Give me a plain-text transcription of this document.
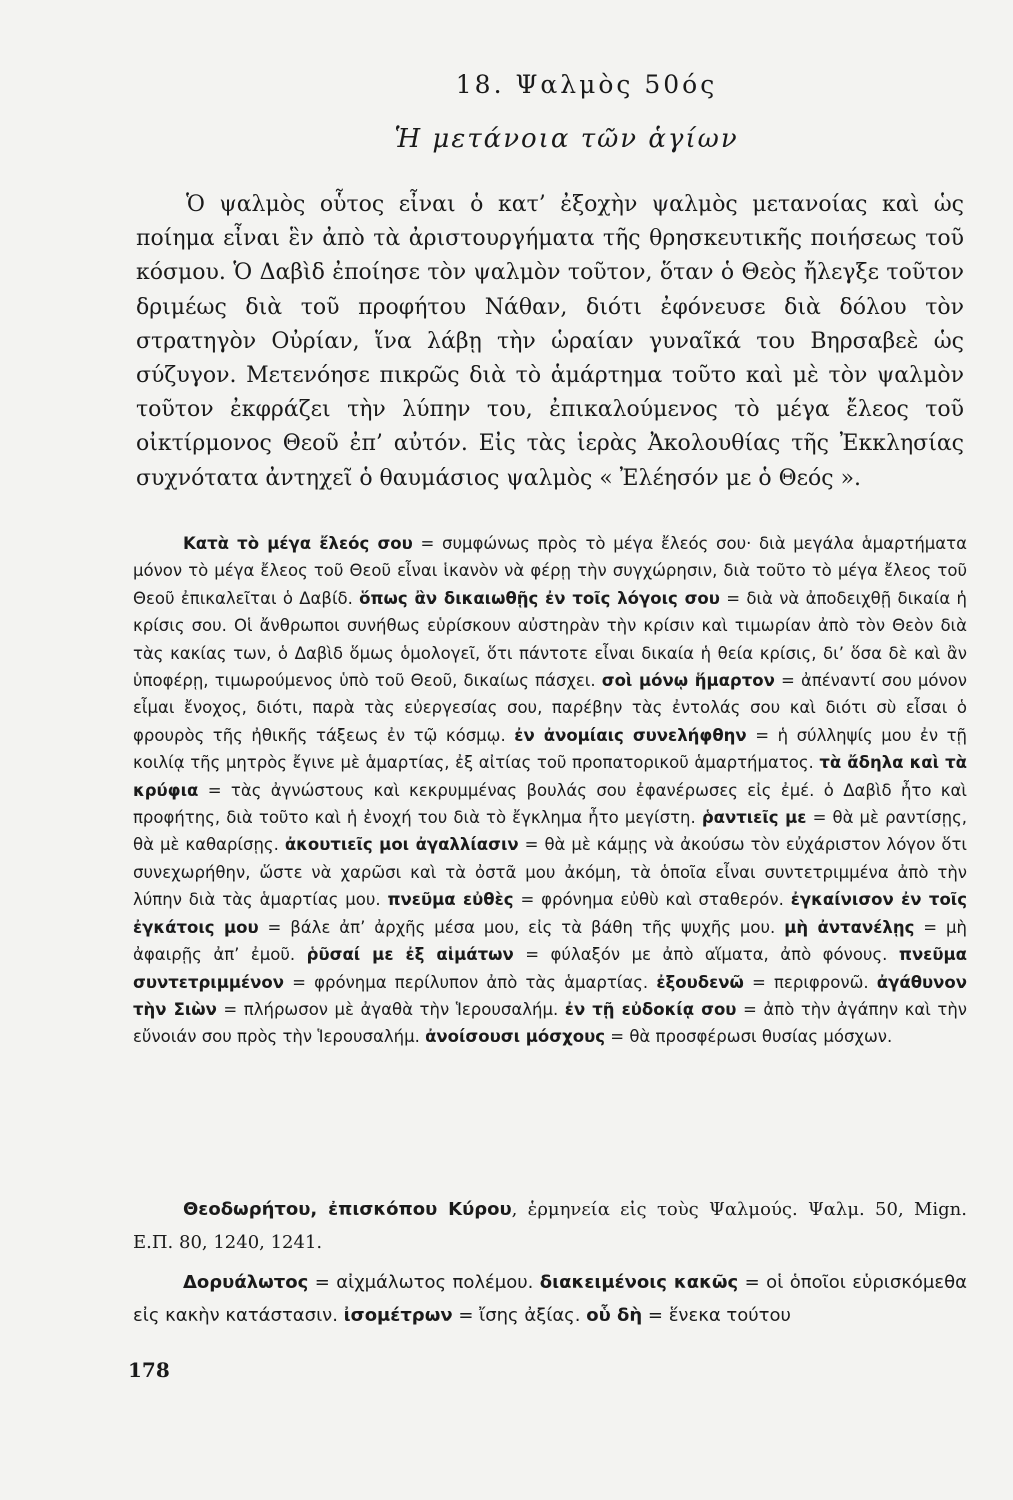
18. Ψαλμὸς 50ός
Ἡ μετάνοια τῶν ἁγίων
Ὁ ψαλμὸς οὗτος εἶναι ὁ κατ’ ἐξοχὴν ψαλμὸς μετανοίας καὶ ὡς ποίημα εἶναι ἓν ἀπὸ τὰ ἀριστουργήματα τῆς θρησκευτικῆς ποιήσεως τοῦ κόσμου. Ὁ Δαβὶδ ἐποίησε τὸν ψαλμὸν τοῦτον, ὅταν ὁ Θεὸς ἤλεγξε τοῦτον δριμέως διὰ τοῦ προφήτου Νάθαν, διότι ἐφόνευσε διὰ δόλου τὸν στρατηγὸν Οὐρίαν, ἵνα λάβῃ τὴν ὡραίαν γυναῖκά του Βηρσαβεὲ ὡς σύζυγον. Μετενόησε πικρῶς διὰ τὸ ἁμάρτημα τοῦτο καὶ μὲ τὸν ψαλμὸν τοῦτον ἐκφράζει τὴν λύπην του, ἐπικαλούμενος τὸ μέγα ἔλεος τοῦ οἰκτίρμονος Θεοῦ ἐπ’ αὐτόν. Εἰς τὰς ἱερὰς Ἀκολουθίας τῆς Ἐκκλησίας συχνότατα ἀντηχεῖ ὁ θαυμάσιος ψαλμὸς « Ἐλέησόν με ὁ Θεός ».
Κατὰ τὸ μέγα ἔλεός σου = συμφώνως πρὸς τὸ μέγα ἔλεός σου· διὰ μεγάλα ἁμαρτήματα μόνον τὸ μέγα ἔλεος τοῦ Θεοῦ εἶναι ἱκανὸν νὰ φέρῃ τὴν συγχώρησιν, διὰ τοῦτο τὸ μέγα ἔλεος τοῦ Θεοῦ ἐπικαλεῖται ὁ Δαβίδ. ὅπως ἂν δικαιωθῇς ἐν τοῖς λόγοις σου = διὰ νὰ ἀποδειχθῇ δικαία ἡ κρίσις σου. Οἱ ἄνθρωποι συνήθως εὑρίσκουν αὐστηρὰν τὴν κρίσιν καὶ τιμωρίαν ἀπὸ τὸν Θεὸν διὰ τὰς κακίας των, ὁ Δαβὶδ ὅμως ὁμολογεῖ, ὅτι πάντοτε εἶναι δικαία ἡ θεία κρίσις, δι’ ὅσα δὲ καὶ ἂν ὑποφέρῃ, τιμωρούμενος ὑπὸ τοῦ Θεοῦ, δικαίως πάσχει. σοὶ μόνῳ ἥμαρτον = ἀπέναντί σου μόνον εἶμαι ἔνοχος, διότι, παρὰ τὰς εὐεργεσίας σου, παρέβην τὰς ἐντολάς σου καὶ διότι σὺ εἶσαι ὁ φρουρὸς τῆς ἠθικῆς τάξεως ἐν τῷ κόσμῳ. ἐν ἀνομίαις συνελήφθην = ἡ σύλληψίς μου ἐν τῇ κοιλίᾳ τῆς μητρὸς ἔγινε μὲ ἁμαρτίας, ἐξ αἰτίας τοῦ προπατορικοῦ ἁμαρτήματος. τὰ ἄδηλα καὶ τὰ κρύφια = τὰς ἀγνώστους καὶ κεκρυμμένας βουλάς σου ἐφανέρωσες εἰς ἐμέ. ὁ Δαβὶδ ἦτο καὶ προφήτης, διὰ τοῦτο καὶ ἡ ἐνοχή του διὰ τὸ ἔγκλημα ἦτο μεγίστη. ῥαντιεῖς με = θὰ μὲ ραντίσῃς, θὰ μὲ καθαρίσῃς. ἀκουτιεῖς μοι ἀγαλλίασιν = θὰ μὲ κάμῃς νὰ ἀκούσω τὸν εὐχάριστον λόγον ὅτι συνεχωρήθην, ὥστε νὰ χαρῶσι καὶ τὰ ὀστᾶ μου ἀκόμη, τὰ ὁποῖα εἶναι συντετριμμένα ἀπὸ τὴν λύπην διὰ τὰς ἁμαρτίας μου. πνεῦμα εὐθὲς = φρόνημα εὐθὺ καὶ σταθερόν. ἐγκαίνισον ἐν τοῖς ἐγκάτοις μου = βάλε ἀπ’ ἀρχῆς μέσα μου, εἰς τὰ βάθη τῆς ψυχῆς μου. μὴ ἀντανέλῃς = μὴ ἀφαιρῇς ἀπ’ ἐμοῦ. ῥῦσαί με ἐξ αἱμάτων = φύλαξόν με ἀπὸ αἵματα, ἀπὸ φόνους. πνεῦμα συντετριμμένον = φρόνημα περίλυπον ἀπὸ τὰς ἁμαρτίας. ἐξουδενῶ = περιφρονῶ. ἀγάθυνον τὴν Σιὼν = πλήρωσον μὲ ἀγαθὰ τὴν Ἱερουσαλήμ. ἐν τῇ εὐδοκίᾳ σου = ἀπὸ τὴν ἀγάπην καὶ τὴν εὔνοιάν σου πρὸς τὴν Ἱερουσαλήμ. ἀνοίσουσι μόσχους = θὰ προσφέρωσι θυσίας μόσχων.
Θεοδωρήτου, ἐπισκόπου Κύρου, ἑρμηνεία εἰς τοὺς Ψαλμούς. Ψαλμ. 50, Mign. Ε.Π. 80, 1240, 1241.
Δορυάλωτος = αἰχμάλωτος πολέμου. διακειμένοις κακῶς = οἱ ὁποῖοι εὑρισκόμεθα εἰς κακὴν κατάστασιν. ἰσομέτρων = ἴσης ἀξίας. οὗ δὴ = ἕνεκα τούτου
178
